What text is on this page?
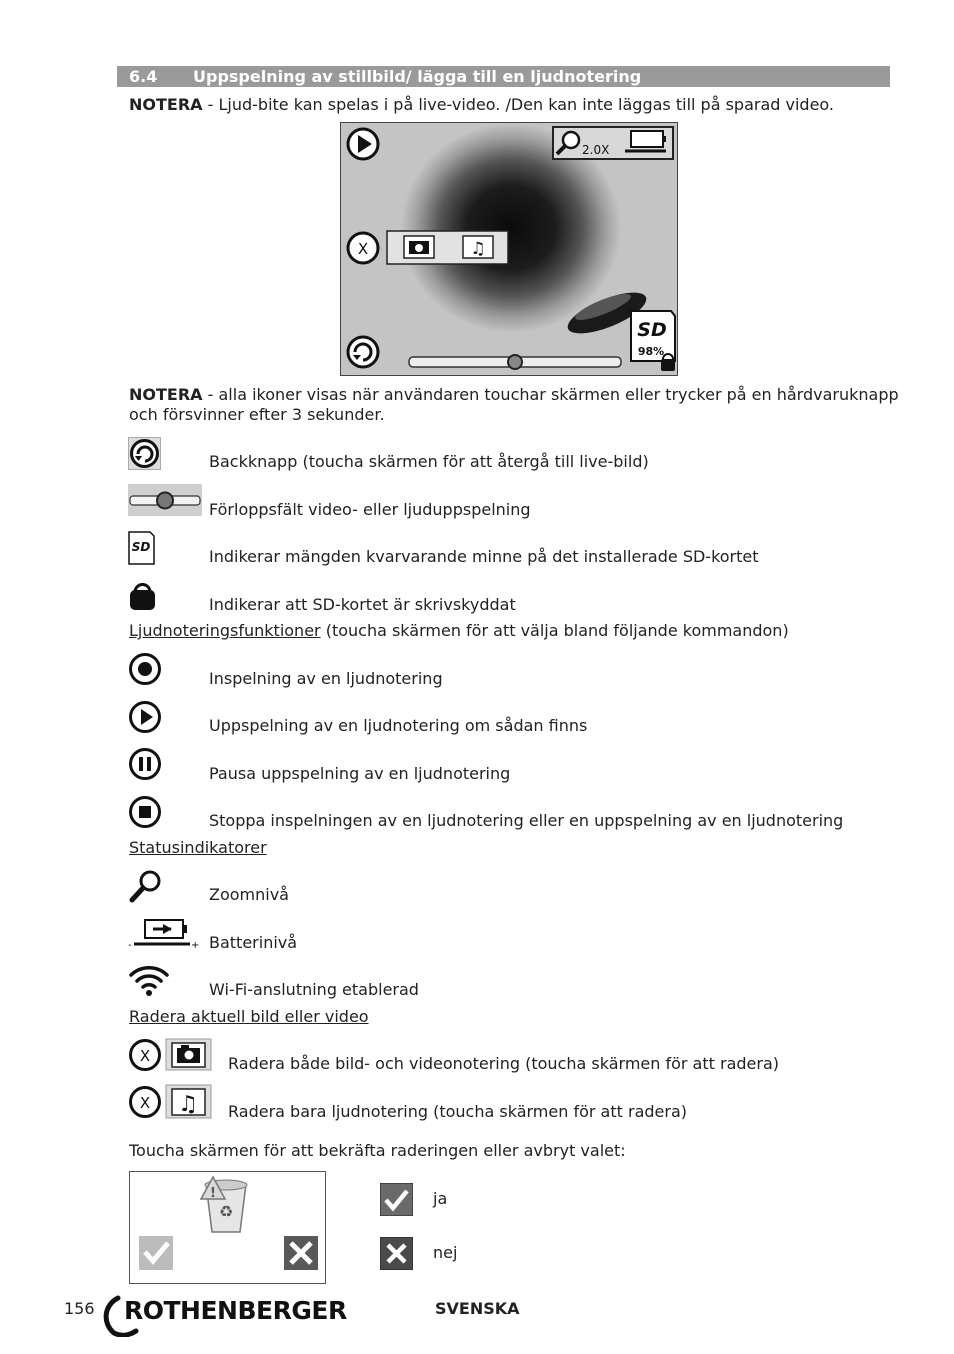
6.4 Uppspelning av stillbild/ lägga till en ljudnotering
NOTERA - Ljud-bite kan spelas i på live-video. /Den kan inte läggas till på sparad video.
2.0X
X	♫
SD
98%
NOTERA - alla ikoner visas när användaren touchar skärmen eller trycker på en hårdvaruknapp
och försvinner efter 3 sekunder.
Backknapp (toucha skärmen för att återgå till live-bild)
Förloppsfält video- eller ljuduppspelning
SD	Indikerar mängden kvarvarande minne på det installerade SD-kortet
Indikerar att SD-kortet är skrivskyddat
Ljudnoteringsfunktioner (toucha skärmen för att välja bland följande kommandon)
Inspelning av en ljudnotering
Uppspelning av en ljudnotering om sådan finns
Pausa uppspelning av en ljudnotering
Stoppa inspelningen av en ljudnotering eller en uppspelning av en ljudnotering
Statusindikatorer
Zoomnivå
-	+ Batterinivå
Wi-Fi-anslutning etablerad
Radera aktuell bild eller video
X	Radera både bild- och videonotering (toucha skärmen för att radera)
X ♫ Radera bara ljudnotering (toucha skärmen för att radera)
Toucha skärmen för att bekräfta raderingen eller avbryt valet:
♻
!	ja
nej
156 ROTHENBERGER	SVENSKA
